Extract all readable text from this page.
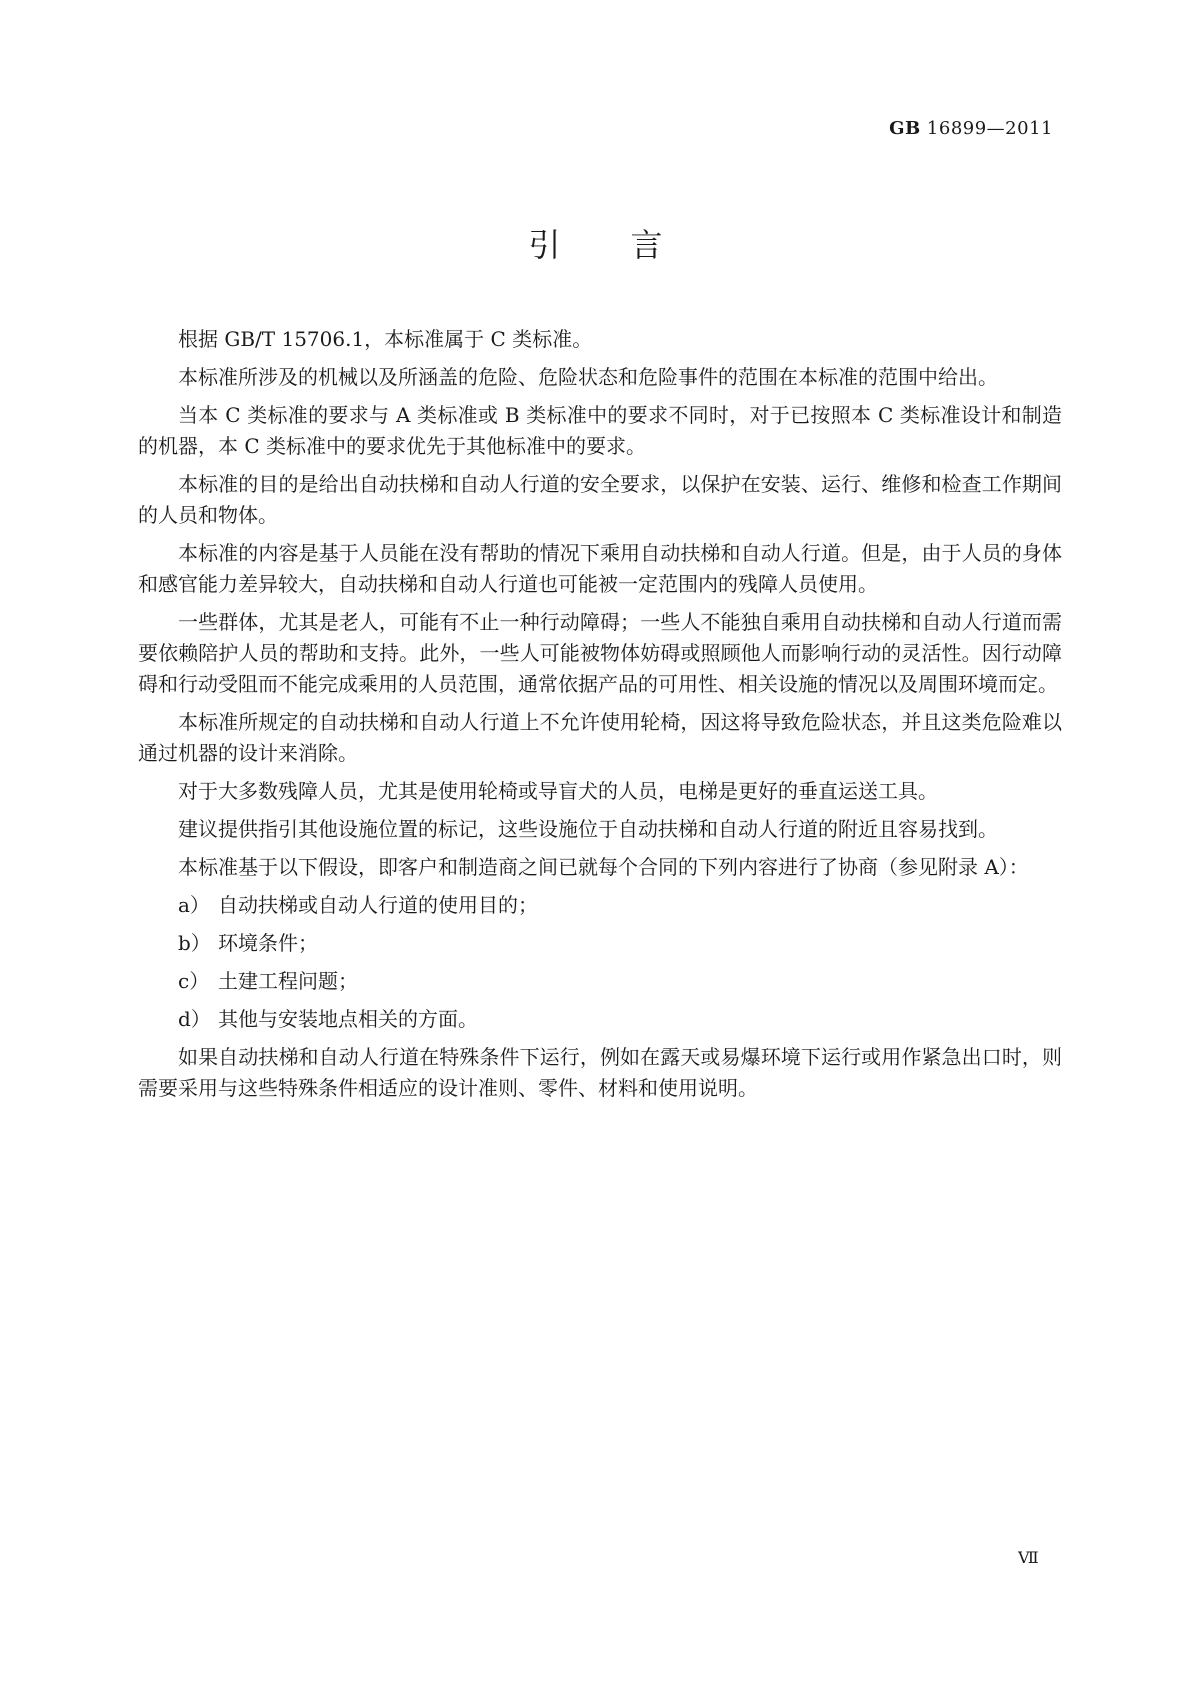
GB 16899—2011
引言

根据 GB/T 15706.1，本标准属于 C 类标准。

本标准所涉及的机械以及所涵盖的危险、危险状态和危险事件的范围在本标准的范围中给出。

当本 C 类标准的要求与 A 类标准或 B 类标准中的要求不同时，对于已按照本 C 类标准设计和制造的机器，本 C 类标准中的要求优先于其他标准中的要求。

本标准的目的是给出自动扶梯和自动人行道的安全要求，以保护在安装、运行、维修和检查工作期间的人员和物体。

本标准的内容是基于人员能在没有帮助的情况下乘用自动扶梯和自动人行道。但是，由于人员的身体和感官能力差异较大，自动扶梯和自动人行道也可能被一定范围内的残障人员使用。

一些群体，尤其是老人，可能有不止一种行动障碍；一些人不能独自乘用自动扶梯和自动人行道而需要依赖陪护人员的帮助和支持。此外，一些人可能被物体妨碍或照顾他人而影响行动的灵活性。因行动障碍和行动受阻而不能完成乘用的人员范围，通常依据产品的可用性、相关设施的情况以及周围环境而定。

本标准所规定的自动扶梯和自动人行道上不允许使用轮椅，因这将导致危险状态，并且这类危险难以通过机器的设计来消除。

对于大多数残障人员，尤其是使用轮椅或导盲犬的人员，电梯是更好的垂直运送工具。

建议提供指引其他设施位置的标记，这些设施位于自动扶梯和自动人行道的附近且容易找到。

本标准基于以下假设，即客户和制造商之间已就每个合同的下列内容进行了协商（参见附录 A）：

a） 自动扶梯或自动人行道的使用目的；
b） 环境条件；
c） 土建工程问题；
d） 其他与安装地点相关的方面。

如果自动扶梯和自动人行道在特殊条件下运行，例如在露天或易爆环境下运行或用作紧急出口时，则需要采用与这些特殊条件相适应的设计准则、零件、材料和使用说明。

Ⅶ
